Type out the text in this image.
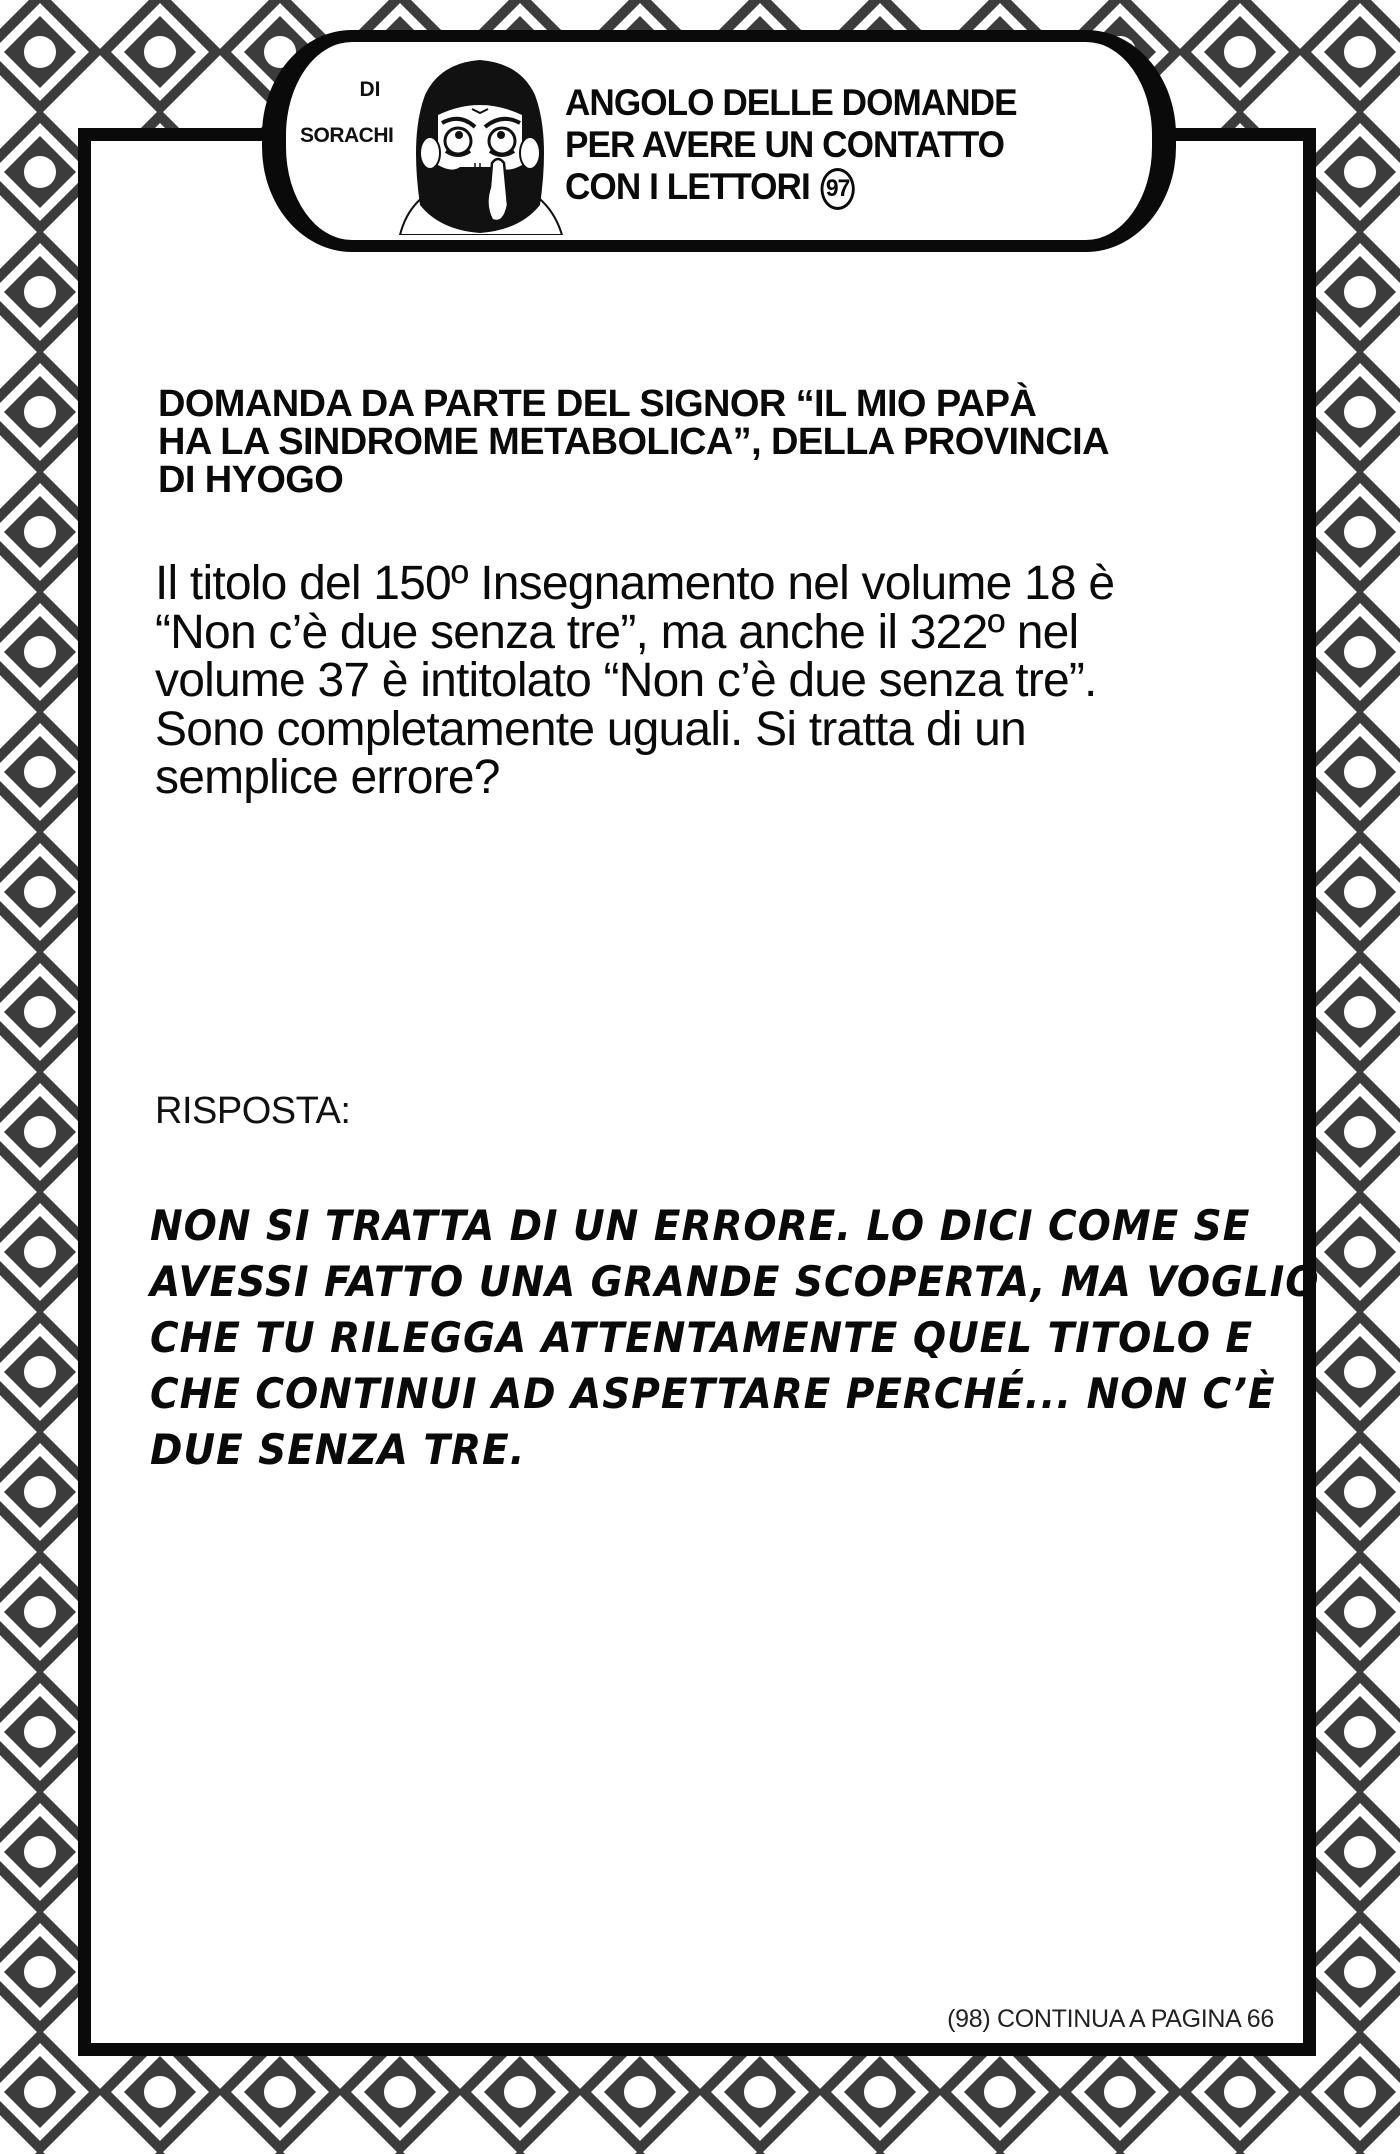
DI
SORACHI
ANGOLO DELLE DOMANDE
PER AVERE UN CONTATTO
CON I LETTORI 97
DOMANDA DA PARTE DEL SIGNOR “IL MIO PAPÀ
HA LA SINDROME METABOLICA”, DELLA PROVINCIA
DI HYOGO
Il titolo del 150º Insegnamento nel volume 18 è
“Non c’è due senza tre”, ma anche il 322º nel
volume 37 è intitolato “Non c’è due senza tre”.
Sono completamente uguali. Si tratta di un
semplice errore?
RISPOSTA:
NON SI TRATTA DI UN ERRORE. LO DICI COME SE
AVESSI FATTO UNA GRANDE SCOPERTA, MA VOGLIO
CHE TU RILEGGA ATTENTAMENTE QUEL TITOLO E
CHE CONTINUI AD ASPETTARE PERCHÉ... NON C’È
DUE SENZA TRE.
(98) CONTINUA A PAGINA 66
